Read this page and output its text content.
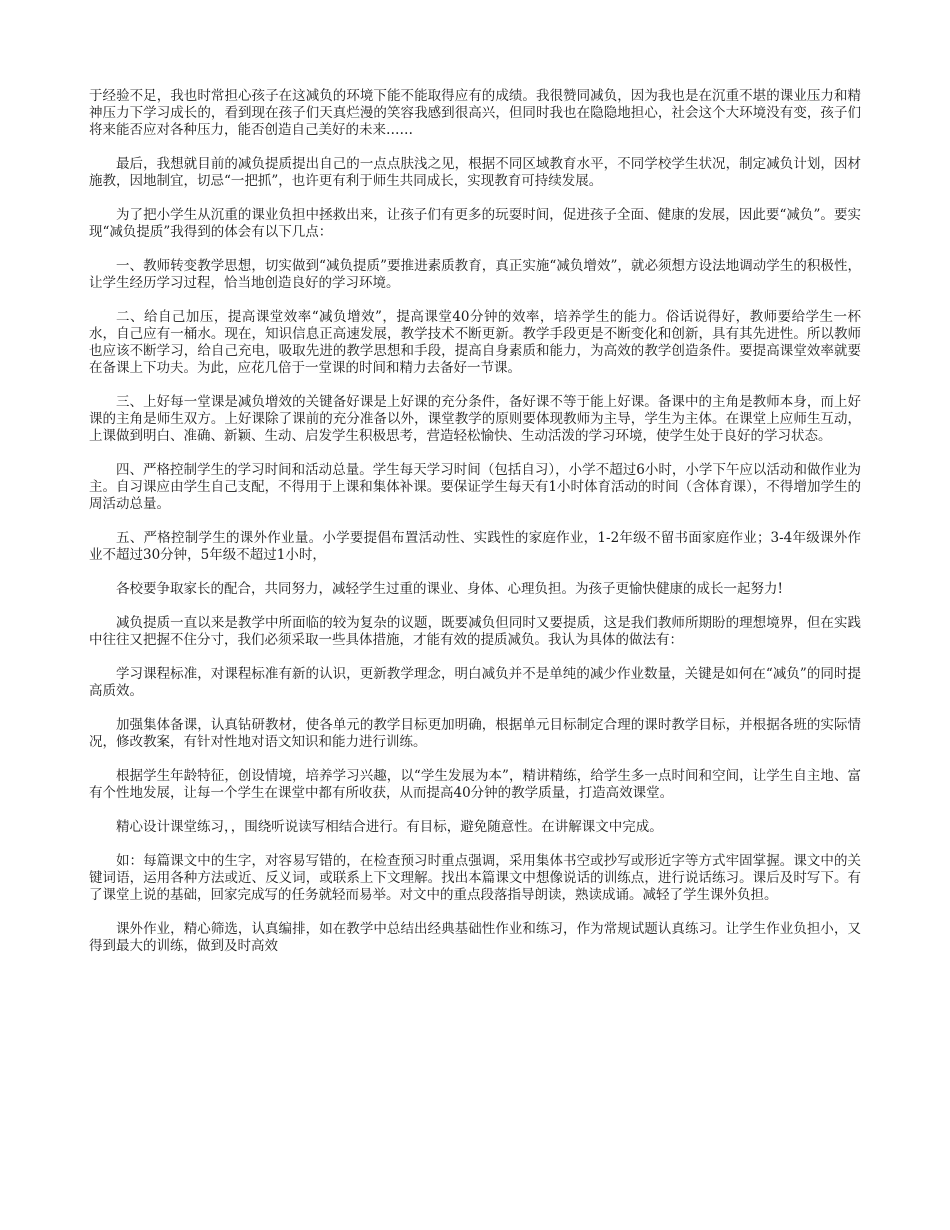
于经验不足，我也时常担心孩子在这减负的环境下能不能取得应有的成绩。我很赞同减负，因为我也是在沉重不堪的课业压力和精神压力下学习成长的，看到现在孩子们天真烂漫的笑容我感到很高兴，但同时我也在隐隐地担心，社会这个大环境没有变，孩子们将来能否应对各种压力，能否创造自己美好的未来……

最后，我想就目前的减负提质提出自己的一点点肤浅之见，根据不同区域教育水平，不同学校学生状况，制定减负计划，因材施教，因地制宜，切忌“一把抓”，也许更有利于师生共同成长，实现教育可持续发展。

为了把小学生从沉重的课业负担中拯救出来，让孩子们有更多的玩耍时间，促进孩子全面、健康的发展，因此要“减负”。要实现“减负提质”我得到的体会有以下几点：

一、教师转变教学思想，切实做到“减负提质”要推进素质教育，真正实施“减负增效”，就必须想方设法地调动学生的积极性，让学生经历学习过程，恰当地创造良好的学习环境。

二、给自己加压，提高课堂效率“减负增效”，提高课堂40分钟的效率，培养学生的能力。俗话说得好，教师要给学生一杯水，自己应有一桶水。现在，知识信息正高速发展，教学技术不断更新。教学手段更是不断变化和创新，具有其先进性。所以教师也应该不断学习，给自己充电，吸取先进的教学思想和手段，提高自身素质和能力，为高效的教学创造条件。要提高课堂效率就要在备课上下功夫。为此，应花几倍于一堂课的时间和精力去备好一节课。

三、上好每一堂课是减负增效的关键备好课是上好课的充分条件，备好课不等于能上好课。备课中的主角是教师本身，而上好课的主角是师生双方。上好课除了课前的充分准备以外，课堂教学的原则要体现教师为主导，学生为主体。在课堂上应师生互动，上课做到明白、准确、新颖、生动、启发学生积极思考，营造轻松愉快、生动活泼的学习环境，使学生处于良好的学习状态。

四、严格控制学生的学习时间和活动总量。学生每天学习时间（包括自习），小学不超过6小时，小学下午应以活动和做作业为主。自习课应由学生自己支配，不得用于上课和集体补课。要保证学生每天有1小时体育活动的时间（含体育课），不得增加学生的周活动总量。

五、严格控制学生的课外作业量。小学要提倡布置活动性、实践性的家庭作业，1-2年级不留书面家庭作业；3-4年级课外作业不超过30分钟，5年级不超过1小时，

各校要争取家长的配合，共同努力，减轻学生过重的课业、身体、心理负担。为孩子更愉快健康的成长一起努力!

减负提质一直以来是教学中所面临的较为复杂的议题，既要减负但同时又要提质，这是我们教师所期盼的理想境界，但在实践中往往又把握不住分寸，我们必须采取一些具体措施，才能有效的提质减负。我认为具体的做法有：

学习课程标准，对课程标准有新的认识，更新教学理念，明白减负并不是单纯的减少作业数量，关键是如何在“减负”的同时提高质效。

加强集体备课，认真钻研教材，使各单元的教学目标更加明确，根据单元目标制定合理的课时教学目标，并根据各班的实际情况，修改教案，有针对性地对语文知识和能力进行训练。

根据学生年龄特征，创设情境，培养学习兴趣，以“学生发展为本”，精讲精练，给学生多一点时间和空间，让学生自主地、富有个性地发展，让每一个学生在课堂中都有所收获，从而提高40分钟的教学质量，打造高效课堂。

精心设计课堂练习，，围绕听说读写相结合进行。有目标，避免随意性。在讲解课文中完成。

如：每篇课文中的生字，对容易写错的，在检查预习时重点强调，采用集体书空或抄写或形近字等方式牢固掌握。课文中的关键词语，运用各种方法或近、反义词，或联系上下文理解。找出本篇课文中想像说话的训练点，进行说话练习。课后及时写下。有了课堂上说的基础，回家完成写的任务就轻而易举。对文中的重点段落指导朗读，熟读成诵。减轻了学生课外负担。

课外作业，精心筛选，认真编排，如在教学中总结出经典基础性作业和练习，作为常规试题认真练习。让学生作业负担小，又得到最大的训练，做到及时高效
